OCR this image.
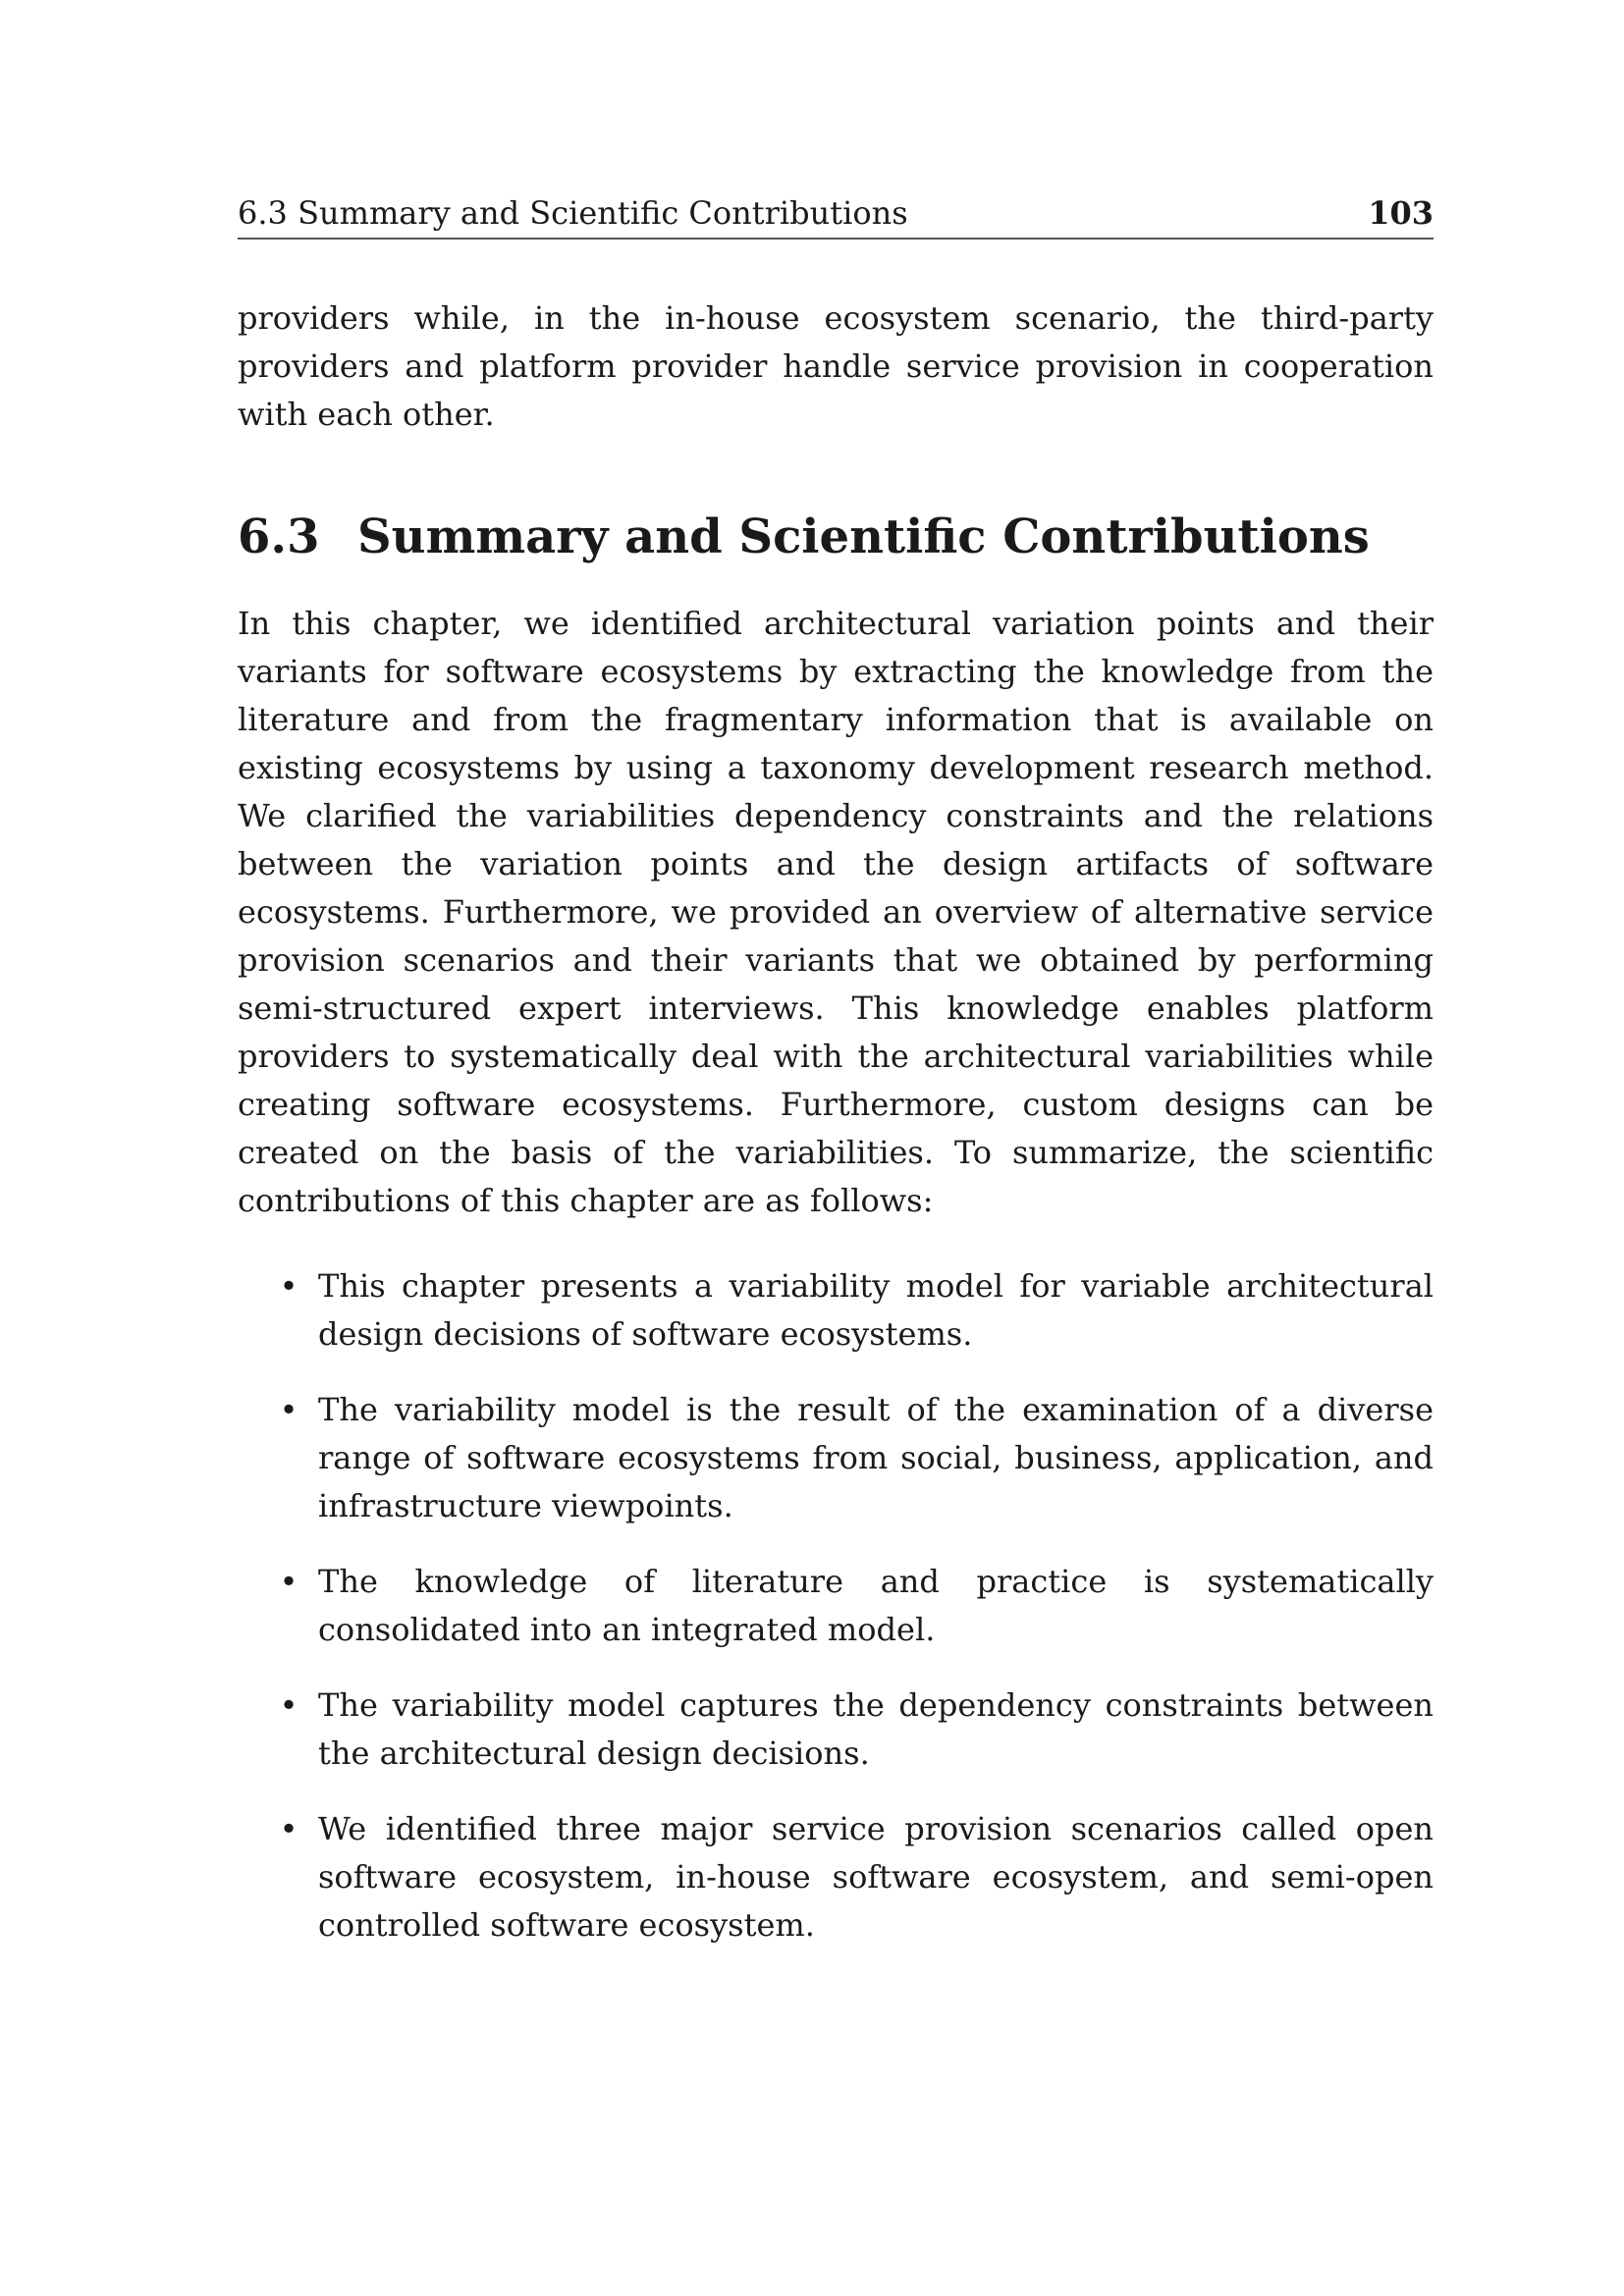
6.3 Summary and Scientific Contributions	103

providers while, in the in-house ecosystem scenario, the third-party providers and platform provider handle service provision in cooperation with each other.

6.3 Summary and Scientific Contributions

In this chapter, we identified architectural variation points and their variants for software ecosystems by extracting the knowledge from the literature and from the fragmentary information that is available on existing ecosystems by using a taxonomy development research method. We clarified the variabilities dependency constraints and the relations between the variation points and the design artifacts of software ecosystems. Furthermore, we provided an overview of alternative service provision scenarios and their variants that we obtained by performing semi-structured expert interviews. This knowledge enables platform providers to systematically deal with the architectural variabilities while creating software ecosystems. Furthermore, custom designs can be created on the basis of the variabilities. To summarize, the scientific contributions of this chapter are as follows:

• This chapter presents a variability model for variable architectural design decisions of software ecosystems.
• The variability model is the result of the examination of a diverse range of software ecosystems from social, business, application, and infrastructure viewpoints.
• The knowledge of literature and practice is systematically consolidated into an integrated model.
• The variability model captures the dependency constraints between the architectural design decisions.
• We identified three major service provision scenarios called open software ecosystem, in-house software ecosystem, and semi-open controlled software ecosystem.
